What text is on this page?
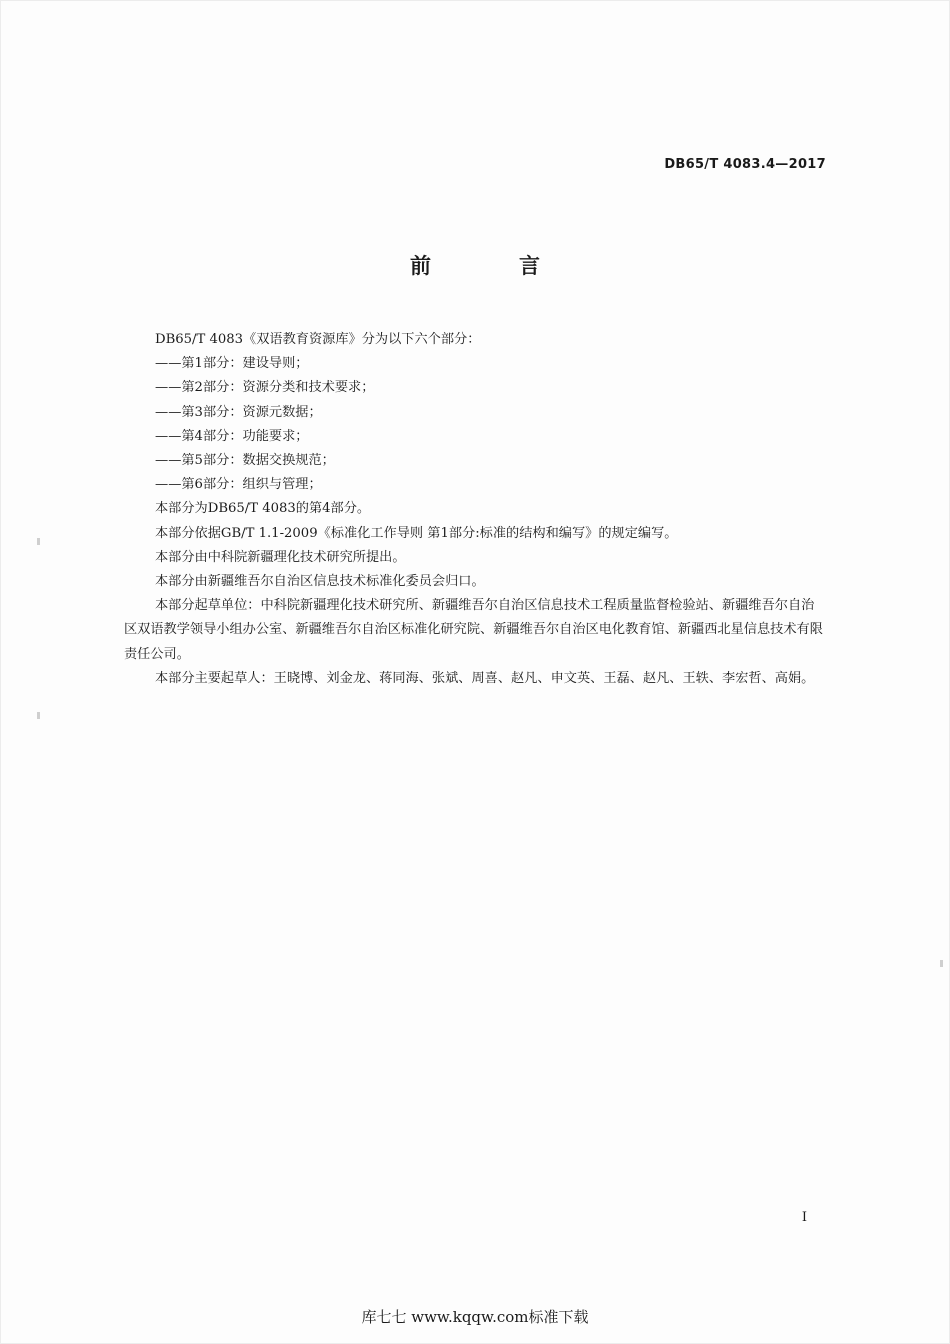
DB65/T 4083.4—2017
前	言

DB65/T 4083《双语教育资源库》分为以下六个部分：

——第1部分：建设导则；

——第2部分：资源分类和技术要求；

——第3部分：资源元数据；

——第4部分：功能要求；

——第5部分：数据交换规范；

——第6部分：组织与管理；

本部分为DB65/T 4083的第4部分。

本部分依据GB/T 1.1-2009《标准化工作导则 第1部分:标准的结构和编写》的规定编写。

本部分由中科院新疆理化技术研究所提出。

本部分由新疆维吾尔自治区信息技术标准化委员会归口。

本部分起草单位：中科院新疆理化技术研究所、新疆维吾尔自治区信息技术工程质量监督检验站、新疆维吾尔自治区双语教学领导小组办公室、新疆维吾尔自治区标准化研究院、新疆维吾尔自治区电化教育馆、新疆西北星信息技术有限责任公司。

本部分主要起草人：王晓博、刘金龙、蒋同海、张斌、周喜、赵凡、申文英、王磊、赵凡、王轶、李宏哲、高娟。

I
库七七 www.kqqw.com标准下载
